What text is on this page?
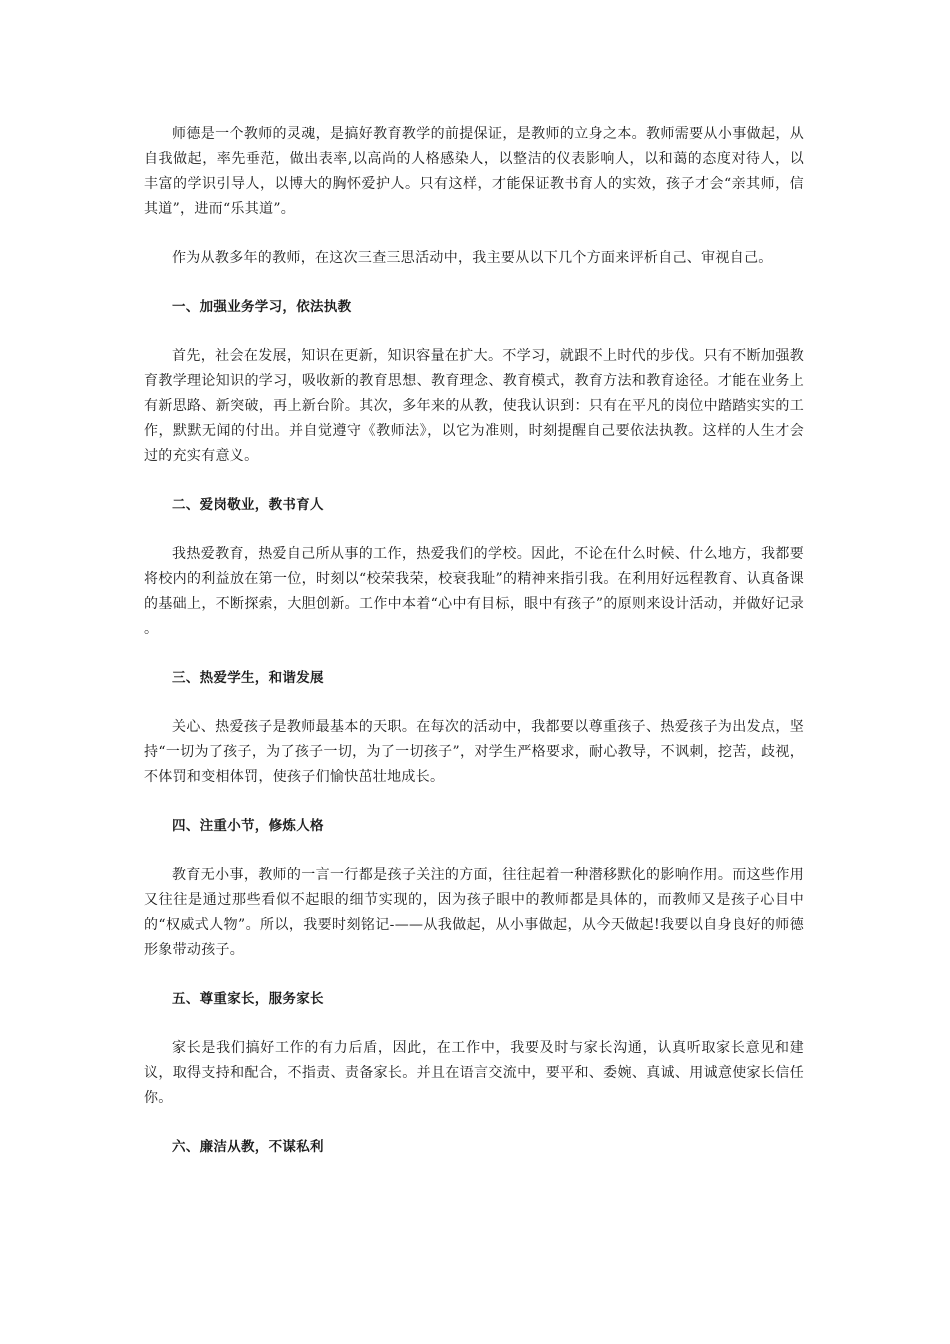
师德是一个教师的灵魂，是搞好教育教学的前提保证，是教师的立身之本。教师需要从小事做起，从自我做起，率先垂范，做出表率,以高尚的人格感染人，以整洁的仪表影响人，以和蔼的态度对待人，以丰富的学识引导人，以博大的胸怀爱护人。只有这样，才能保证教书育人的实效，孩子才会“亲其师，信其道”，进而“乐其道”。

作为从教多年的教师，在这次三查三思活动中，我主要从以下几个方面来评析自己、审视自己。

一、加强业务学习，依法执教

首先，社会在发展，知识在更新，知识容量在扩大。不学习，就跟不上时代的步伐。只有不断加强教育教学理论知识的学习，吸收新的教育思想、教育理念、教育模式，教育方法和教育途径。才能在业务上有新思路、新突破，再上新台阶。其次，多年来的从教，使我认识到：只有在平凡的岗位中踏踏实实的工作，默默无闻的付出。并自觉遵守《教师法》，以它为准则，时刻提醒自己要依法执教。这样的人生才会过的充实有意义。

二、爱岗敬业，教书育人

我热爱教育，热爱自己所从事的工作，热爱我们的学校。因此，不论在什么时候、什么地方，我都要将校内的利益放在第一位，时刻以“校荣我荣，校衰我耻”的精神来指引我。在利用好远程教育、认真备课的基础上，不断探索，大胆创新。工作中本着“心中有目标，眼中有孩子”的原则来设计活动，并做好记录 。

三、热爱学生，和谐发展

关心、热爱孩子是教师最基本的天职。在每次的活动中，我都要以尊重孩子、热爱孩子为出发点，坚持“一切为了孩子，为了孩子一切，为了一切孩子”，对学生严格要求，耐心教导，不讽刺，挖苦，歧视，不体罚和变相体罚，使孩子们愉快茁壮地成长。

四、注重小节，修炼人格

教育无小事，教师的一言一行都是孩子关注的方面，往往起着一种潜移默化的影响作用。而这些作用又往往是通过那些看似不起眼的细节实现的，因为孩子眼中的教师都是具体的，而教师又是孩子心目中的“权威式人物”。所以，我要时刻铭记-——从我做起，从小事做起，从今天做起!我要以自身良好的师德形象带动孩子。

五、尊重家长，服务家长

家长是我们搞好工作的有力后盾，因此，在工作中，我要及时与家长沟通，认真听取家长意见和建议，取得支持和配合，不指责、责备家长。并且在语言交流中，要平和、委婉、真诚、用诚意使家长信任你。

六、廉洁从教，不谋私利
